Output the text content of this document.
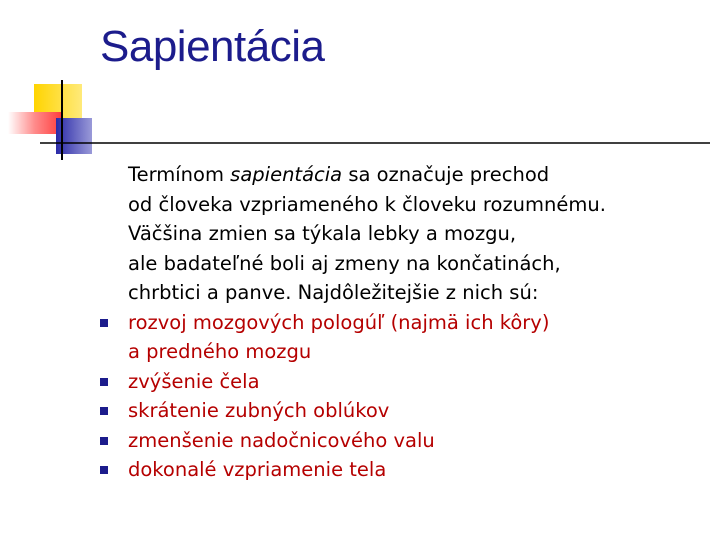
Sapientácia

Termínom sapientácia sa označuje prechod
od človeka vzpriameného k človeku rozumnému.
Väčšina zmien sa týkala lebky a mozgu,
ale badateľné boli aj zmeny na končatinách,
chrbtici a panve. Najdôležitejšie z nich sú:

rozvoj mozgových pologúľ (najmä ich kôry)
a predného mozgu
zvýšenie čela
skrátenie zubných oblúkov
zmenšenie nadočnicového valu
dokonalé vzpriamenie tela
